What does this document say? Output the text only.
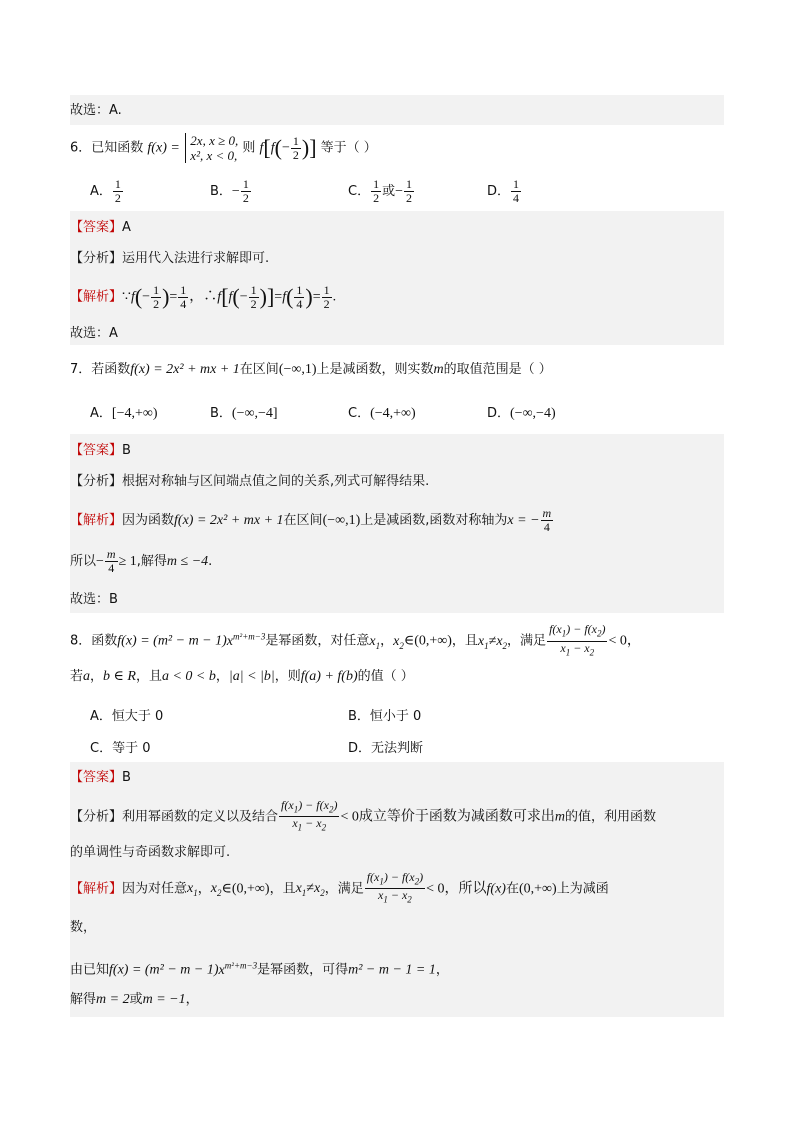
故选：A.
6．已知函数 f(x) = 2x, x ≥ 0,
x², x < 0, 则 $f[f(- \frac{1}{2}$ )] 等于（ ）
A． $\frac{1}{2}$	B．− $\frac{1}{2}$	C． $\frac{1}{2}$ 或− $\frac{1}{2}$	D． $\frac{1}{4}$
【答案】A
【分析】运用代入法进行求解即可.
【解析】∵f(− $\frac{1}{2}$ )= $\frac{1}{4}$ ，∴f[f(− $\frac{1}{2} )]=f( \frac{1}{4}$ )= $\frac{1}{2}$ .
故选：A
7．若函数f(x) = 2x² + mx + 1在区间(−∞,1)上是减函数，则实数m的取值范围是（ ）
A．[−4,+∞)	B．(−∞,−4]	C．(−4,+∞)	D．(−∞,−4)
【答案】B
【分析】根据对称轴与区间端点值之间的关系,列式可解得结果.
【解析】因为函数f(x) = 2x² + mx + 1在区间(−∞,1)上是减函数,函数对称轴为x = − $\frac{m}{4}$
所以− $\frac{m}{4} \ge 1$,解得m ≤ −4.
故选：B
8．函数$f(x) = (m^2 - m - 1)x^{m^2+m-3}$是幂函数，对任意$x_1$，$x_2\in(0,+\infty)$，且$x_1\ne x_2$，满足 $\frac{f(x_1) - f(x_2)}{x_1 - x_2} < 0$，
若a，b ∈ R，且a < 0 < b，|a| < |b|，则f(a) + f(b)的值（ ）
A．恒大于 0	B．恒小于 0
C．等于 0	D．无法判断
【答案】B
【分析】利用幂函数的定义以及结合 $\frac{f(x_1) - f(x_2)}{x_1 - x_2} < 0$成立等价于函数为减函数可求出m的值，利用函数
的单调性与奇函数求解即可.
【解析】因为对任意$x_1$，$x_2\in(0,+\infty)$，且$x_1\ne x_2$，满足 $\frac{f(x_1) - f(x_2)}{x_1 - x_2} < 0$，所以f(x)在(0,+∞)上为减函
数，
由已知$f(x) = (m^2 - m - 1)x^{m^2+m-3}$是幂函数，可得m² − m − 1 = 1，
解得m = 2或m = −1，
